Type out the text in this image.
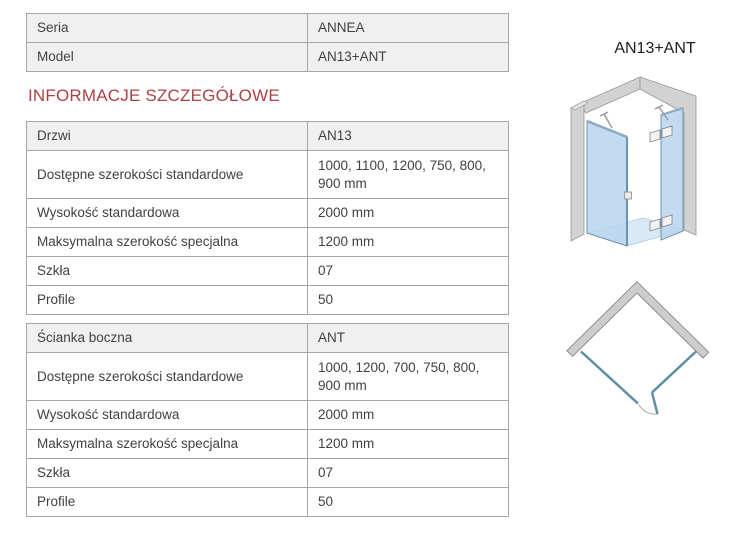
Seria	ANNEA
Model	AN13+ANT
INFORMACJE SZCZEGÓŁOWE
Drzwi	AN13
Dostępne szerokości standardowe	1000, 1100, 1200, 750, 800, 900 mm
Wysokość standardowa	2000 mm
Maksymalna szerokość specjalna	1200 mm
Szkła	07
Profile	50
Ścianka boczna	ANT
Dostępne szerokości standardowe	1000, 1200, 700, 750, 800, 900 mm
Wysokość standardowa	2000 mm
Maksymalna szerokość specjalna	1200 mm
Szkła	07
Profile	50
AN13+ANT
